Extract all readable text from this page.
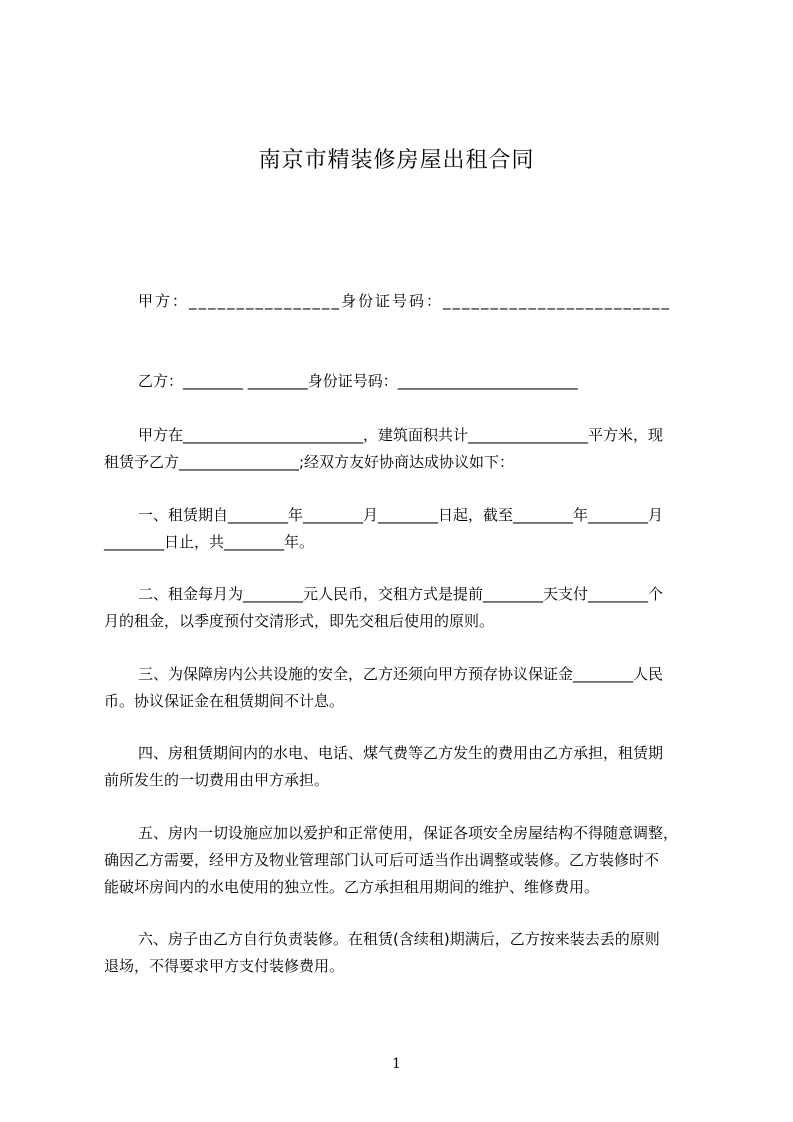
南京市精装修房屋出租合同
甲方：________________身份证号码：________________________
乙方：________ ________身份证号码：________________________
甲方在________________________，建筑面积共计________________平方米，现
租赁予乙方________________;经双方友好协商达成协议如下：
一、租赁期自________年________月________日起，截至________年________月
________日止，共________年。
二、租金每月为________元人民币，交租方式是提前________天支付________个
月的租金，以季度预付交清形式，即先交租后使用的原则。
三、为保障房内公共设施的安全，乙方还须向甲方预存协议保证金________人民
币。协议保证金在租赁期间不计息。
四、房租赁期间内的水电、电话、煤气费等乙方发生的费用由乙方承担，租赁期
前所发生的一切费用由甲方承担。
五、房内一切设施应加以爱护和正常使用，保证各项安全房屋结构不得随意调整，
确因乙方需要，经甲方及物业管理部门认可后可适当作出调整或装修。乙方装修时不
能破坏房间内的水电使用的独立性。乙方承担租用期间的维护、维修费用。
六、房子由乙方自行负责装修。在租赁(含续租)期满后，乙方按来装去丢的原则
退场，不得要求甲方支付装修费用。
1
